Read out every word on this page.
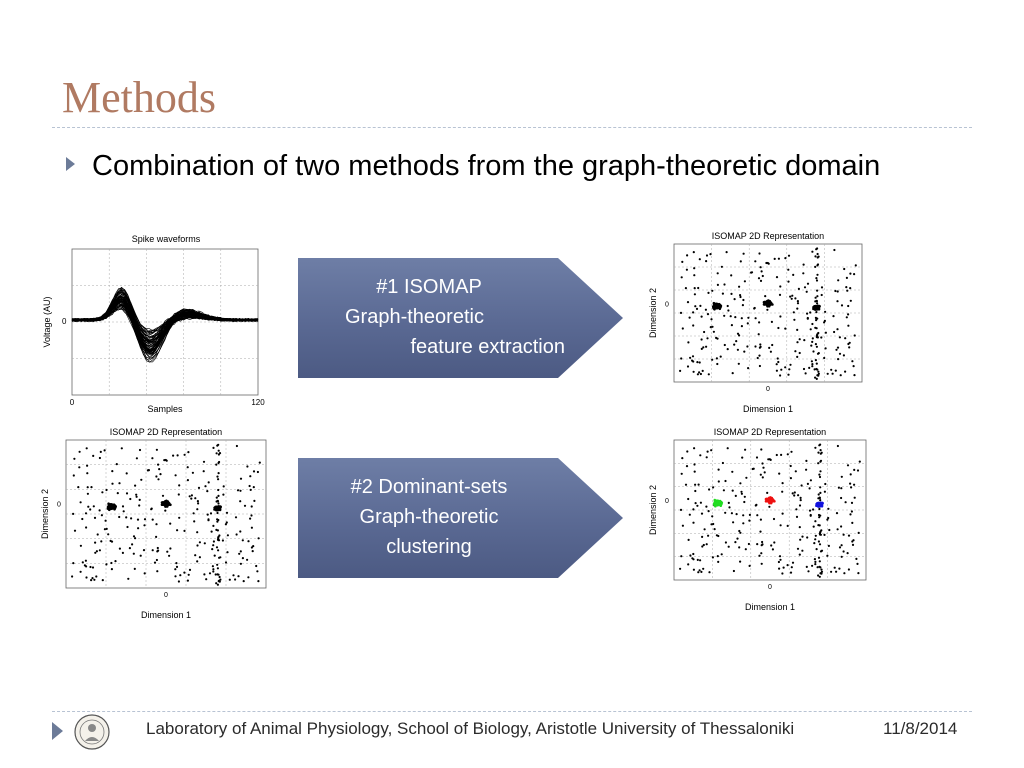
Methods

Combination of two methods from the graph-theoretic domain

Spike waveforms
Voltage (AU) 0
0	120
Samples
#1 ISOMAP
Graph-theoretic
feature extraction
#2 Dominant-sets
Graph-theoretic
clustering
ISOMAP 2D Representation
Dimension 2 0
0
Dimension 1
ISOMAP 2D Representation
Dimension 2 0
0
Dimension 1
ISOMAP 2D Representation
Dimension 2 0
0
Dimension 1
Laboratory of Animal Physiology, School of Biology, Aristotle University of Thessaloniki	11/8/2014
